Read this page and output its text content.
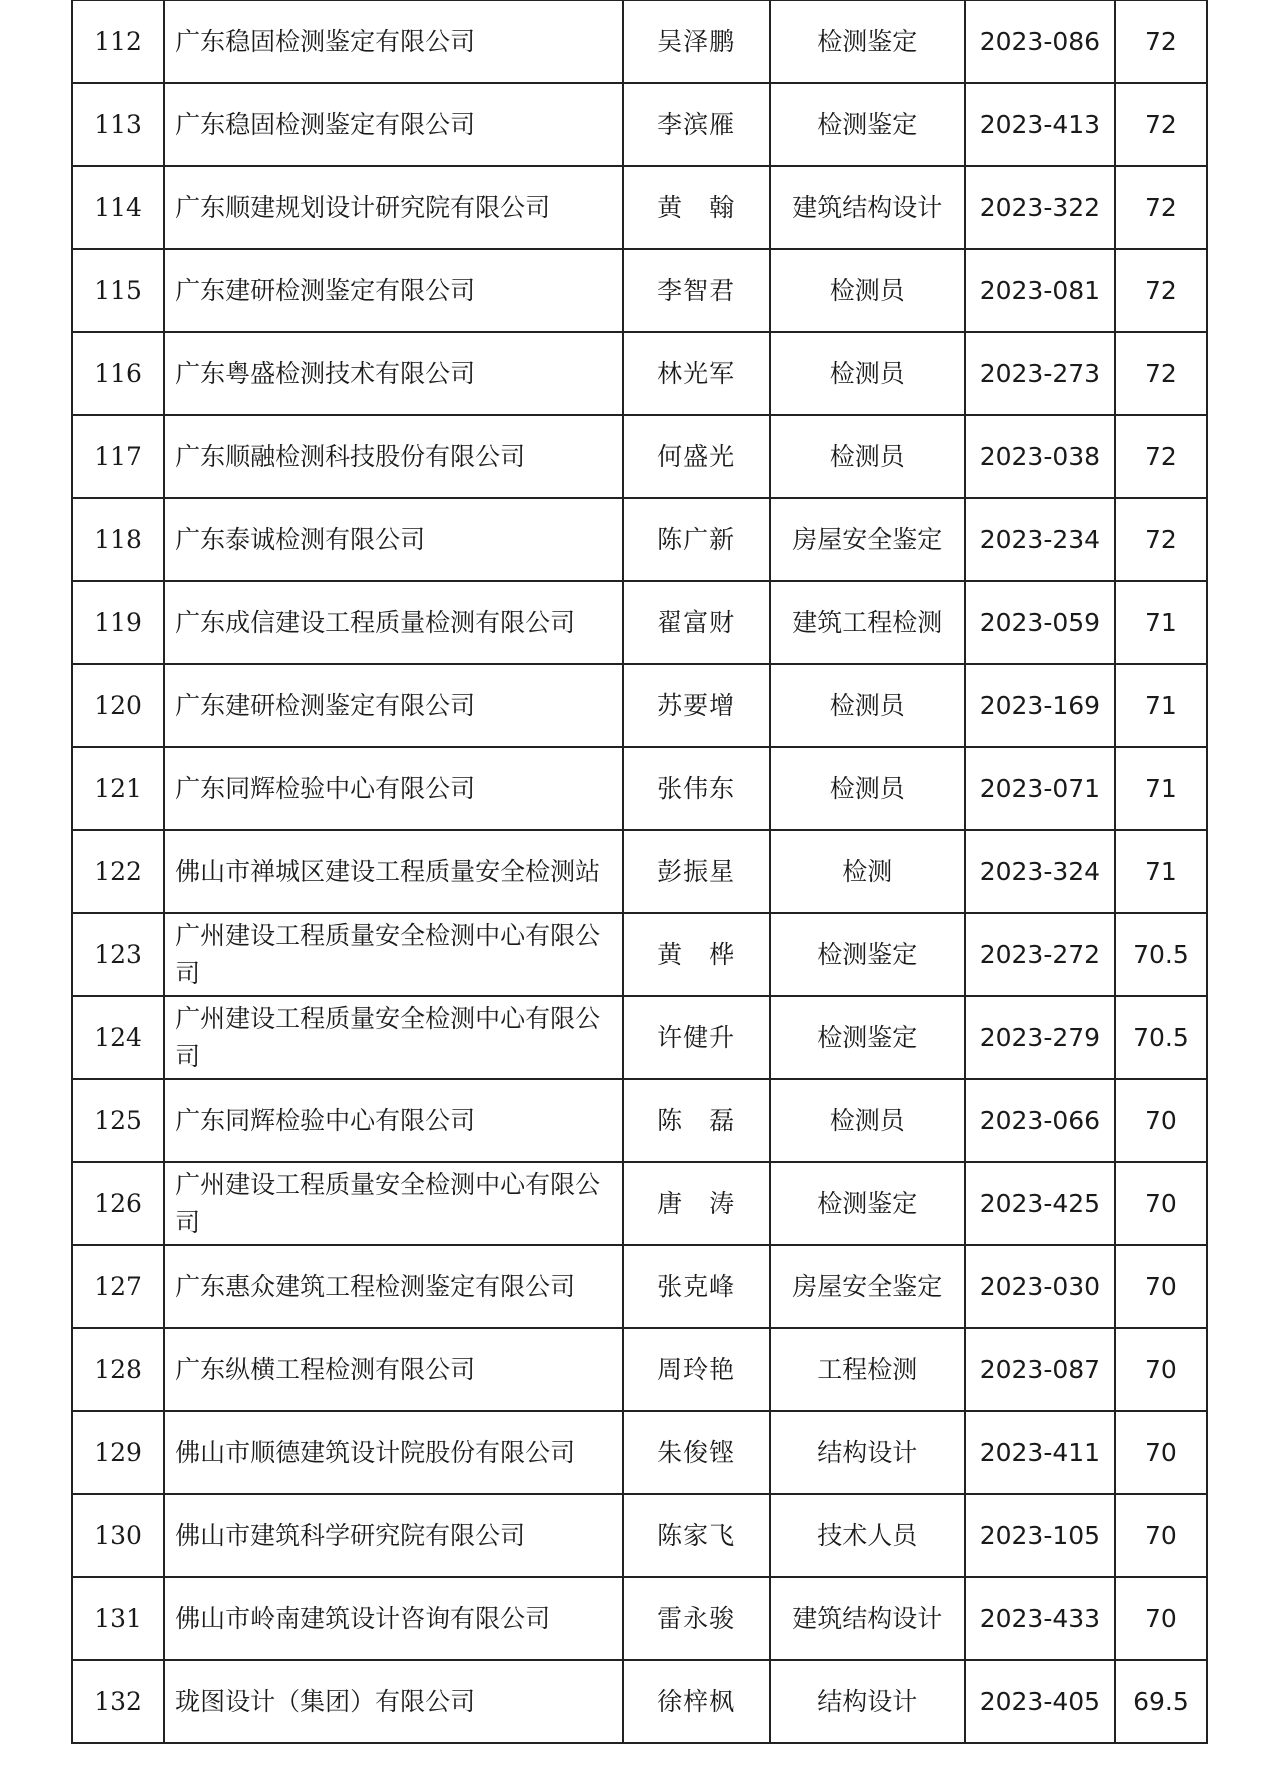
112	广东稳固检测鉴定有限公司	吴泽鹏	检测鉴定	2023-086	72
113	广东稳固检测鉴定有限公司	李滨雁	检测鉴定	2023-413	72
114	广东顺建规划设计研究院有限公司	黄　翰	建筑结构设计	2023-322	72
115	广东建研检测鉴定有限公司	李智君	检测员	2023-081	72
116	广东粤盛检测技术有限公司	林光军	检测员	2023-273	72
117	广东顺融检测科技股份有限公司	何盛光	检测员	2023-038	72
118	广东泰诚检测有限公司	陈广新	房屋安全鉴定	2023-234	72
119	广东成信建设工程质量检测有限公司	翟富财	建筑工程检测	2023-059	71
120	广东建研检测鉴定有限公司	苏要增	检测员	2023-169	71
121	广东同辉检验中心有限公司	张伟东	检测员	2023-071	71
122	佛山市禅城区建设工程质量安全检测站	彭振星	检测	2023-324	71
123	广州建设工程质量安全检测中心有限公司	黄　桦	检测鉴定	2023-272	70.5
124	广州建设工程质量安全检测中心有限公司	许健升	检测鉴定	2023-279	70.5
125	广东同辉检验中心有限公司	陈　磊	检测员	2023-066	70
126	广州建设工程质量安全检测中心有限公司	唐　涛	检测鉴定	2023-425	70
127	广东惠众建筑工程检测鉴定有限公司	张克峰	房屋安全鉴定	2023-030	70
128	广东纵横工程检测有限公司	周玲艳	工程检测	2023-087	70
129	佛山市顺德建筑设计院股份有限公司	朱俊铿	结构设计	2023-411	70
130	佛山市建筑科学研究院有限公司	陈家飞	技术人员	2023-105	70
131	佛山市岭南建筑设计咨询有限公司	雷永骏	建筑结构设计	2023-433	70
132	珑图设计（集团）有限公司	徐梓枫	结构设计	2023-405	69.5
